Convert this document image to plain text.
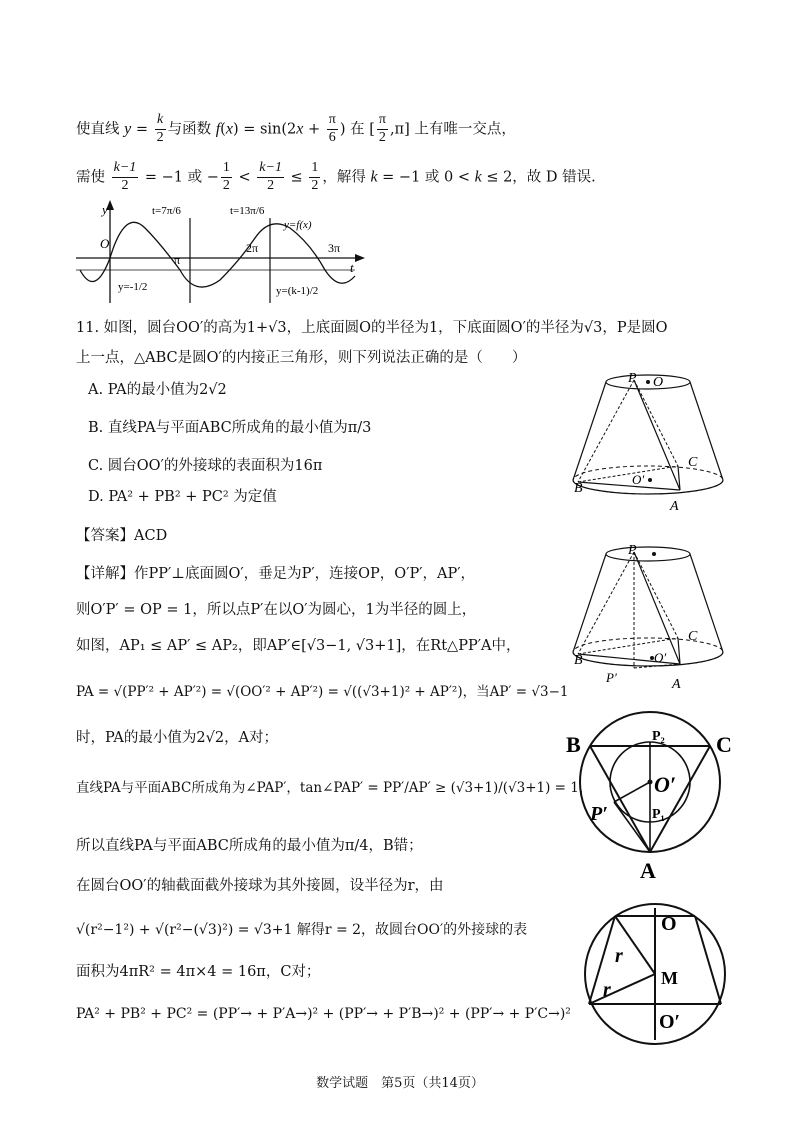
使直线 $y = \frac{k}{2}$ 与函数 $f(x) = \sin(2x + \frac{\pi}{6}$ ) 在 [ $\frac{\pi}{2} ,\pi$] 上有唯一交点，
需使 $\frac{k-1}{2} = -1$ 或 − $\frac{1}{2} < \frac{k-1}{2} \le \frac{1}{2}$ ，解得 k = −1 或 0 < k ≤ 2，故 D 错误.
O
y
t
π
2π	3π
t=7π/6	t=13π/6
y=f(x)
y=-1/2	y=(k-1)/2
11. 如图，圆台OO′的高为1+√3，上底面圆O的半径为1，下底面圆O′的半径为√3，P是圆O
上一点，△ABC是圆O′的内接正三角形，则下列说法正确的是（　　）
A. PA的最小值为2√2
B. 直线PA与平面ABC所成角的最小值为π/3
C. 圆台OO′的外接球的表面积为16π
D. PA² + PB² + PC² 为定值
【答案】ACD
【详解】作PP′⊥底面圆O′，垂足为P′，连接OP，O′P′，AP′，
则O′P′ = OP = 1，所以点P′在以O′为圆心，1为半径的圆上，
如图，AP₁ ≤ AP′ ≤ AP₂，即AP′∈[√3−1, √3+1]，在Rt△PP′A中，
PA = √(PP′² + AP′²) = √(OO′² + AP′²) = √((√3+1)² + AP′²)，当AP′ = √3−1
时，PA的最小值为2√2，A对；
直线PA与平面ABC所成角为∠PAP′，tan∠PAP′ = PP′/AP′ ≥ (√3+1)/(√3+1) = 1，
所以直线PA与平面ABC所成角的最小值为π/4，B错；
在圆台OO′的轴截面截外接球为其外接圆，设半径为r，由
√(r²−1²) + √(r²−(√3)²) = √3+1 解得r = 2，故圆台OO′的外接球的表
面积为4πR² = 4π×4 = 16π，C对；
PA² + PB² + PC² = (PP′→ + P′A→)² + (PP′→ + P′B→)² + (PP′→ + P′C→)²
P O
C
B
O′
A
P
C
B	O′
P′	A
B	C
P₂
O′
P′	P₁
A
O
r
r
M
O′
数学试题　第5页（共14页）
